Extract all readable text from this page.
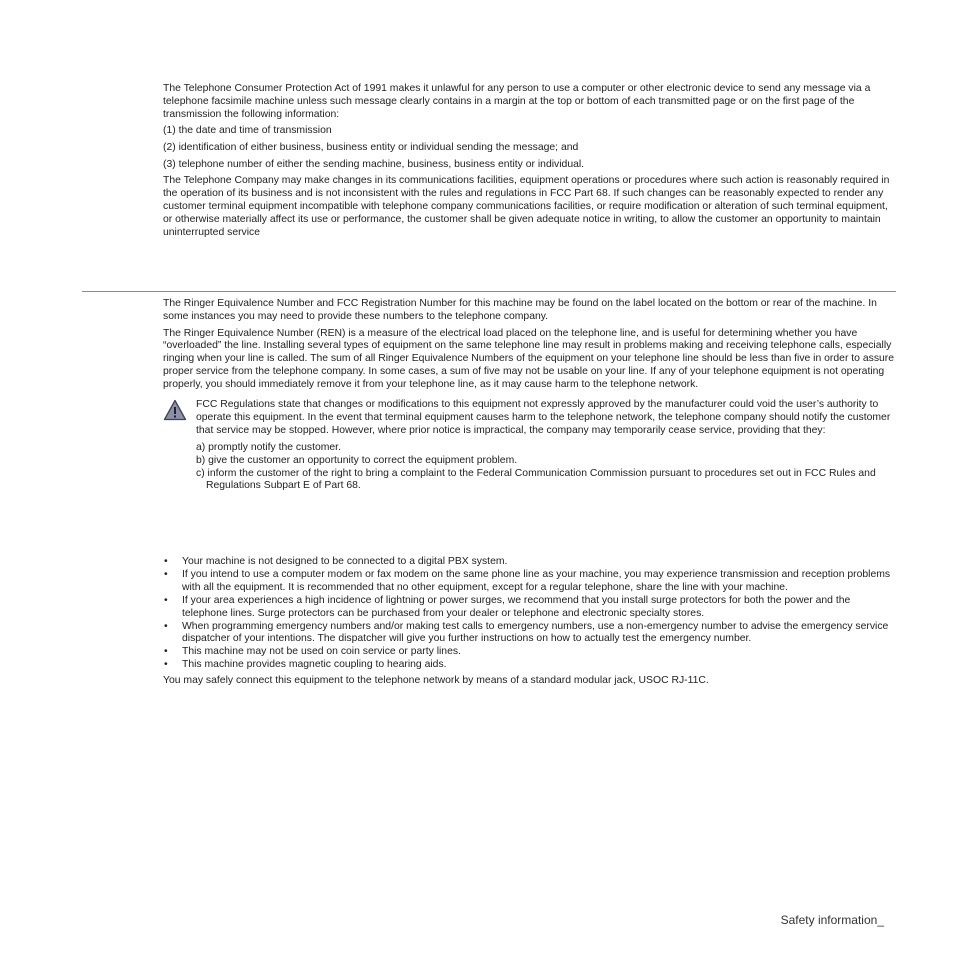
The Telephone Consumer Protection Act of 1991 makes it unlawful for any person to use a computer or other electronic device to send any message via a telephone facsimile machine unless such message clearly contains in a margin at the top or bottom of each transmitted page or on the first page of the transmission the following information:

(1) the date and time of transmission

(2) identification of either business, business entity or individual sending the message; and

(3) telephone number of either the sending machine, business, business entity or individual.

The Telephone Company may make changes in its communications facilities, equipment operations or procedures where such action is reasonably required in the operation of its business and is not inconsistent with the rules and regulations in FCC Part 68. If such changes can be reasonably expected to render any customer terminal equipment incompatible with telephone company communications facilities, or require modification or alteration of such terminal equipment, or otherwise materially affect its use or performance, the customer shall be given adequate notice in writing, to allow the customer an opportunity to maintain uninterrupted service

The Ringer Equivalence Number and FCC Registration Number for this machine may be found on the label located on the bottom or rear of the machine. In some instances you may need to provide these numbers to the telephone company.

The Ringer Equivalence Number (REN) is a measure of the electrical load placed on the telephone line, and is useful for determining whether you have “overloaded” the line. Installing several types of equipment on the same telephone line may result in problems making and receiving telephone calls, especially ringing when your line is called. The sum of all Ringer Equivalence Numbers of the equipment on your telephone line should be less than five in order to assure proper service from the telephone company. In some cases, a sum of five may not be usable on your line. If any of your telephone equipment is not operating properly, you should immediately remove it from your telephone line, as it may cause harm to the telephone network.

FCC Regulations state that changes or modifications to this equipment not expressly approved by the manufacturer could void the user’s authority to operate this equipment. In the event that terminal equipment causes harm to the telephone network, the telephone company should notify the customer that service may be stopped. However, where prior notice is impractical, the company may temporarily cease service, providing that they:
a) promptly notify the customer.
b) give the customer an opportunity to correct the equipment problem.
c) inform the customer of the right to bring a complaint to the Federal Communication Commission pursuant to procedures set out in FCC Rules and Regulations Subpart E of Part 68.
• Your machine is not designed to be connected to a digital PBX system.
• If you intend to use a computer modem or fax modem on the same phone line as your machine, you may experience transmission and reception problems with all the equipment. It is recommended that no other equipment, except for a regular telephone, share the line with your machine.
• If your area experiences a high incidence of lightning or power surges, we recommend that you install surge protectors for both the power and the telephone lines. Surge protectors can be purchased from your dealer or telephone and electronic specialty stores.
• When programming emergency numbers and/or making test calls to emergency numbers, use a non-emergency number to advise the emergency service dispatcher of your intentions. The dispatcher will give you further instructions on how to actually test the emergency number.
• This machine may not be used on coin service or party lines.
• This machine provides magnetic coupling to hearing aids.

You may safely connect this equipment to the telephone network by means of a standard modular jack, USOC RJ-11C.

Safety information_
